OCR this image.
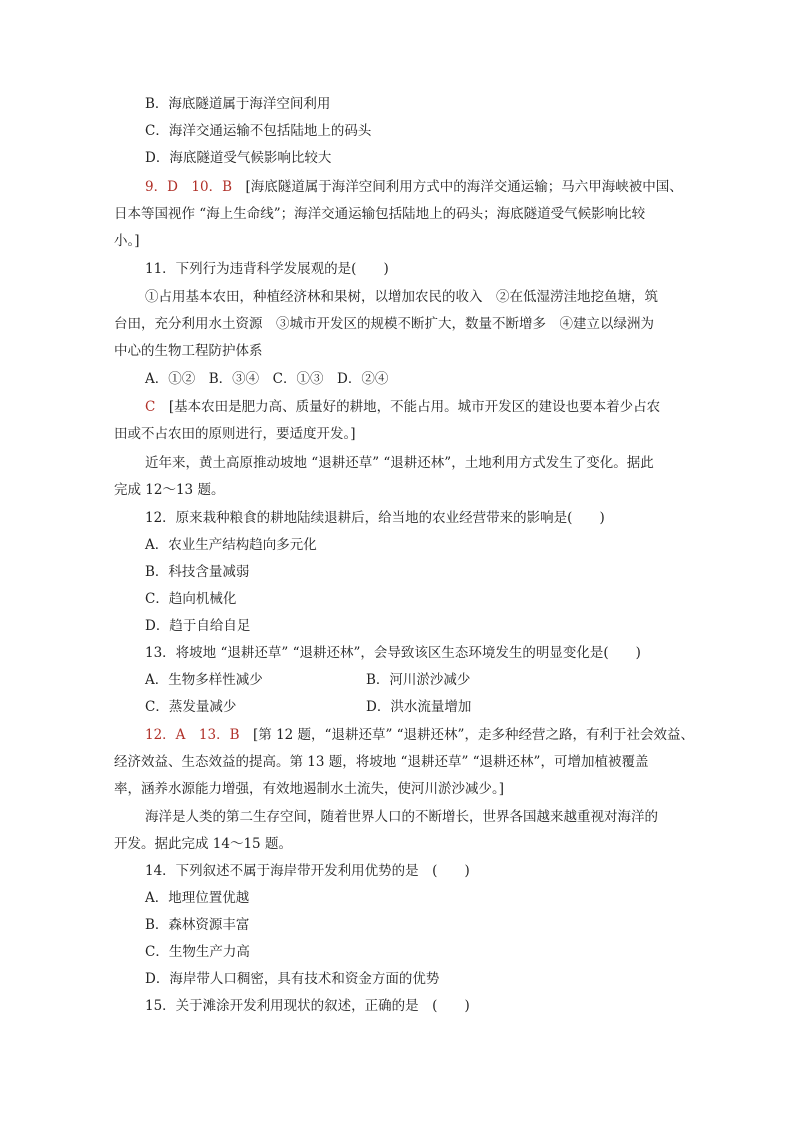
B．海底隧道属于海洋空间利用
C．海洋交通运输不包括陆地上的码头
D．海底隧道受气候影响比较大
9．D　10．B　[海底隧道属于海洋空间利用方式中的海洋交通运输；马六甲海峡被中国、
日本等国视作 “海上生命线”；海洋交通运输包括陆地上的码头；海底隧道受气候影响比较
小。]
11．下列行为违背科学发展观的是(　　)
①占用基本农田，种植经济林和果树，以增加农民的收入　②在低湿涝洼地挖鱼塘，筑
台田，充分利用水土资源　③城市开发区的规模不断扩大，数量不断增多　④建立以绿洲为
中心的生物工程防护体系
A．①②　B．③④　C．①③　D．②④
C　[基本农田是肥力高、质量好的耕地，不能占用。城市开发区的建设也要本着少占农
田或不占农田的原则进行，要适度开发。]
近年来，黄土高原推动坡地 “退耕还草” “退耕还林”，土地利用方式发生了变化。据此
完成 12～13 题。
12．原来栽种粮食的耕地陆续退耕后，给当地的农业经营带来的影响是(　　)
A．农业生产结构趋向多元化
B．科技含量减弱
C．趋向机械化
D．趋于自给自足
13．将坡地 “退耕还草” “退耕还林”，会导致该区生态环境发生的明显变化是(　　)
A．生物多样性减少	B．河川淤沙减少
C．蒸发量减少	D．洪水流量增加
12．A　13．B　[第 12 题，“退耕还草” “退耕还林”，走多种经营之路，有利于社会效益、
经济效益、生态效益的提高。第 13 题，将坡地 “退耕还草” “退耕还林”，可增加植被覆盖
率，涵养水源能力增强，有效地遏制水土流失，使河川淤沙减少。]
海洋是人类的第二生存空间，随着世界人口的不断增长，世界各国越来越重视对海洋的
开发。据此完成 14～15 题。
14．下列叙述不属于海岸带开发利用优势的是　(　　)
A．地理位置优越
B．森林资源丰富
C．生物生产力高
D．海岸带人口稠密，具有技术和资金方面的优势
15．关于滩涂开发利用现状的叙述，正确的是　(　　)
